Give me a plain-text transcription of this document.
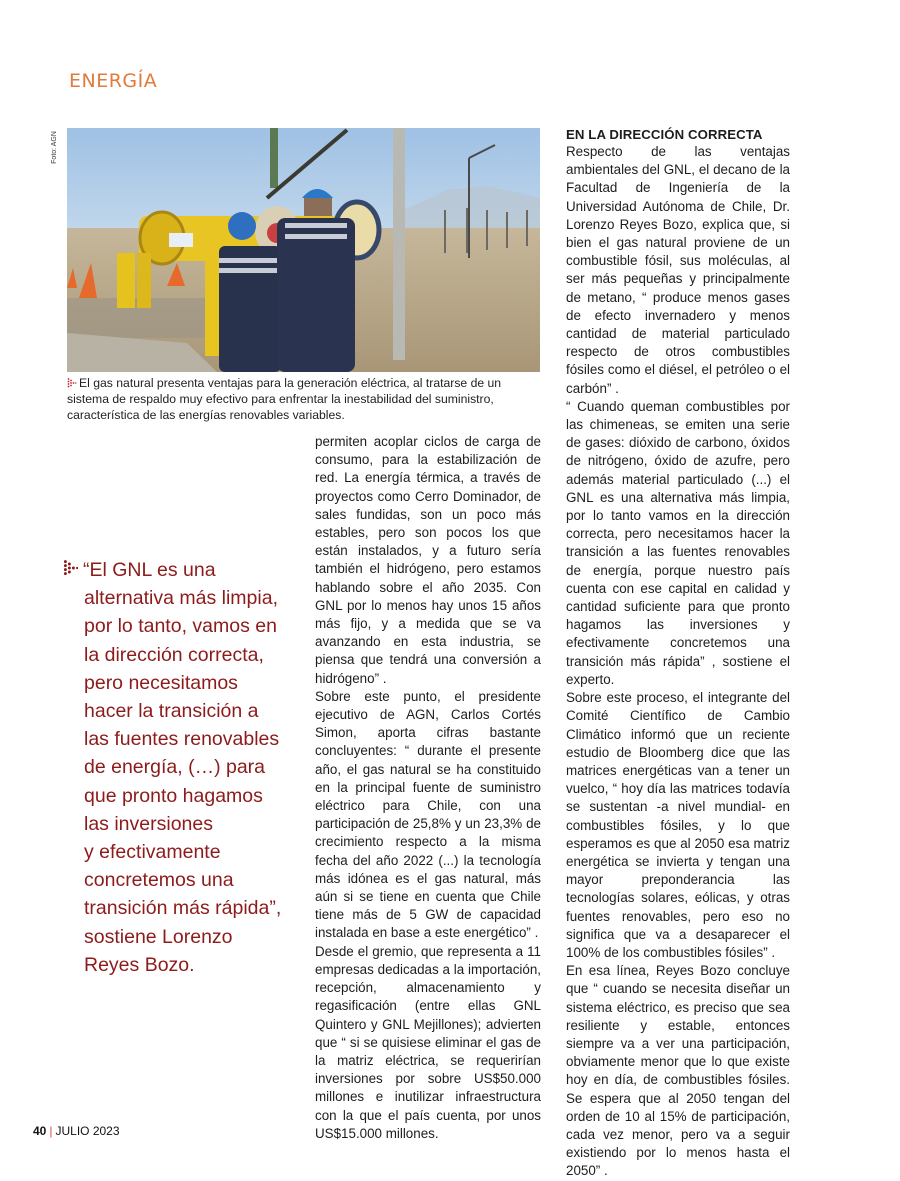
ENERGÍA
Foto: AGN
El gas natural presenta ventajas para la generación eléctrica, al tratarse de un sistema de respaldo muy efectivo para enfrentar la inestabilidad del suministro, característica de las energías renovables variables.
“El GNL es una
alternativa más limpia,
por lo tanto, vamos en
la dirección correcta,
pero necesitamos
hacer la transición a
las fuentes renovables
de energía, (…) para
que pronto hagamos
las inversiones
y efectivamente
concretemos una
transición más rápida”,
sostiene Lorenzo
Reyes Bozo.

permiten acoplar ciclos de carga de consumo, para la estabilización de red. La energía térmica, a través de proyectos como Cerro Dominador, de sales fundidas, son un poco más estables, pero son pocos los que están instalados, y a futuro sería también el hidrógeno, pero estamos hablando sobre el año 2035. Con GNL por lo menos hay unos 15 años más fijo, y a medida que se va avanzando en esta industria, se piensa que tendrá una conversión a hidrógeno” .

Sobre este punto, el presidente ejecutivo de AGN, Carlos Cortés Simon, aporta cifras bastante concluyentes: “ durante el presente año, el gas natural se ha constituido en la principal fuente de suministro eléctrico para Chile, con una participación de 25,8% y un 23,3% de crecimiento respecto a la misma fecha del año 2022 (...) la tecnología más idónea es el gas natural, más aún si se tiene en cuenta que Chile tiene más de 5 GW de capacidad instalada en base a este energético” .

Desde el gremio, que representa a 11 empresas dedicadas a la importación, recepción, almacenamiento y regasificación (entre ellas GNL Quintero y GNL Mejillones); advierten que “ si se quisiese eliminar el gas de la matriz eléctrica, se requerirían inversiones por sobre US$50.000 millones e inutilizar infraestructura con la que el país cuenta, por unos US$15.000 millones.

EN LA DIRECCIÓN CORRECTA

Respecto de las ventajas ambientales del GNL, el decano de la Facultad de Ingeniería de la Universidad Autónoma de Chile, Dr. Lorenzo Reyes Bozo, explica que, si bien el gas natural proviene de un combustible fósil, sus moléculas, al ser más pequeñas y principalmente de metano, “ produce menos gases de efecto invernadero y menos cantidad de material particulado respecto de otros combustibles fósiles como el diésel, el petróleo o el carbón” .

“ Cuando queman combustibles por las chimeneas, se emiten una serie de gases: dióxido de carbono, óxidos de nitrógeno, óxido de azufre, pero además material particulado (...) el GNL es una alternativa más limpia, por lo tanto vamos en la dirección correcta, pero necesitamos hacer la transición a las fuentes renovables de energía, porque nuestro país cuenta con ese capital en calidad y cantidad suficiente para que pronto hagamos las inversiones y efectivamente concretemos una transición más rápida” , sostiene el experto.

Sobre este proceso, el integrante del Comité Científico de Cambio Climático informó que un reciente estudio de Bloomberg dice que las matrices energéticas van a tener un vuelco, “ hoy día las matrices todavía se sustentan -a nivel mundial- en combustibles fósiles, y lo que esperamos es que al 2050 esa matriz energética se invierta y tengan una mayor preponderancia las tecnologías solares, eólicas, y otras fuentes renovables, pero eso no significa que va a desaparecer el 100% de los combustibles fósiles” .

En esa línea, Reyes Bozo concluye que “ cuando se necesita diseñar un sistema eléctrico, es preciso que sea resiliente y estable, entonces siempre va a ver una participación, obviamente menor que lo que existe hoy en día, de combustibles fósiles. Se espera que al 2050 tengan del orden de 10 al 15% de participación, cada vez menor, pero va a seguir existiendo por lo menos hasta el 2050” .

40 | JULIO 2023
